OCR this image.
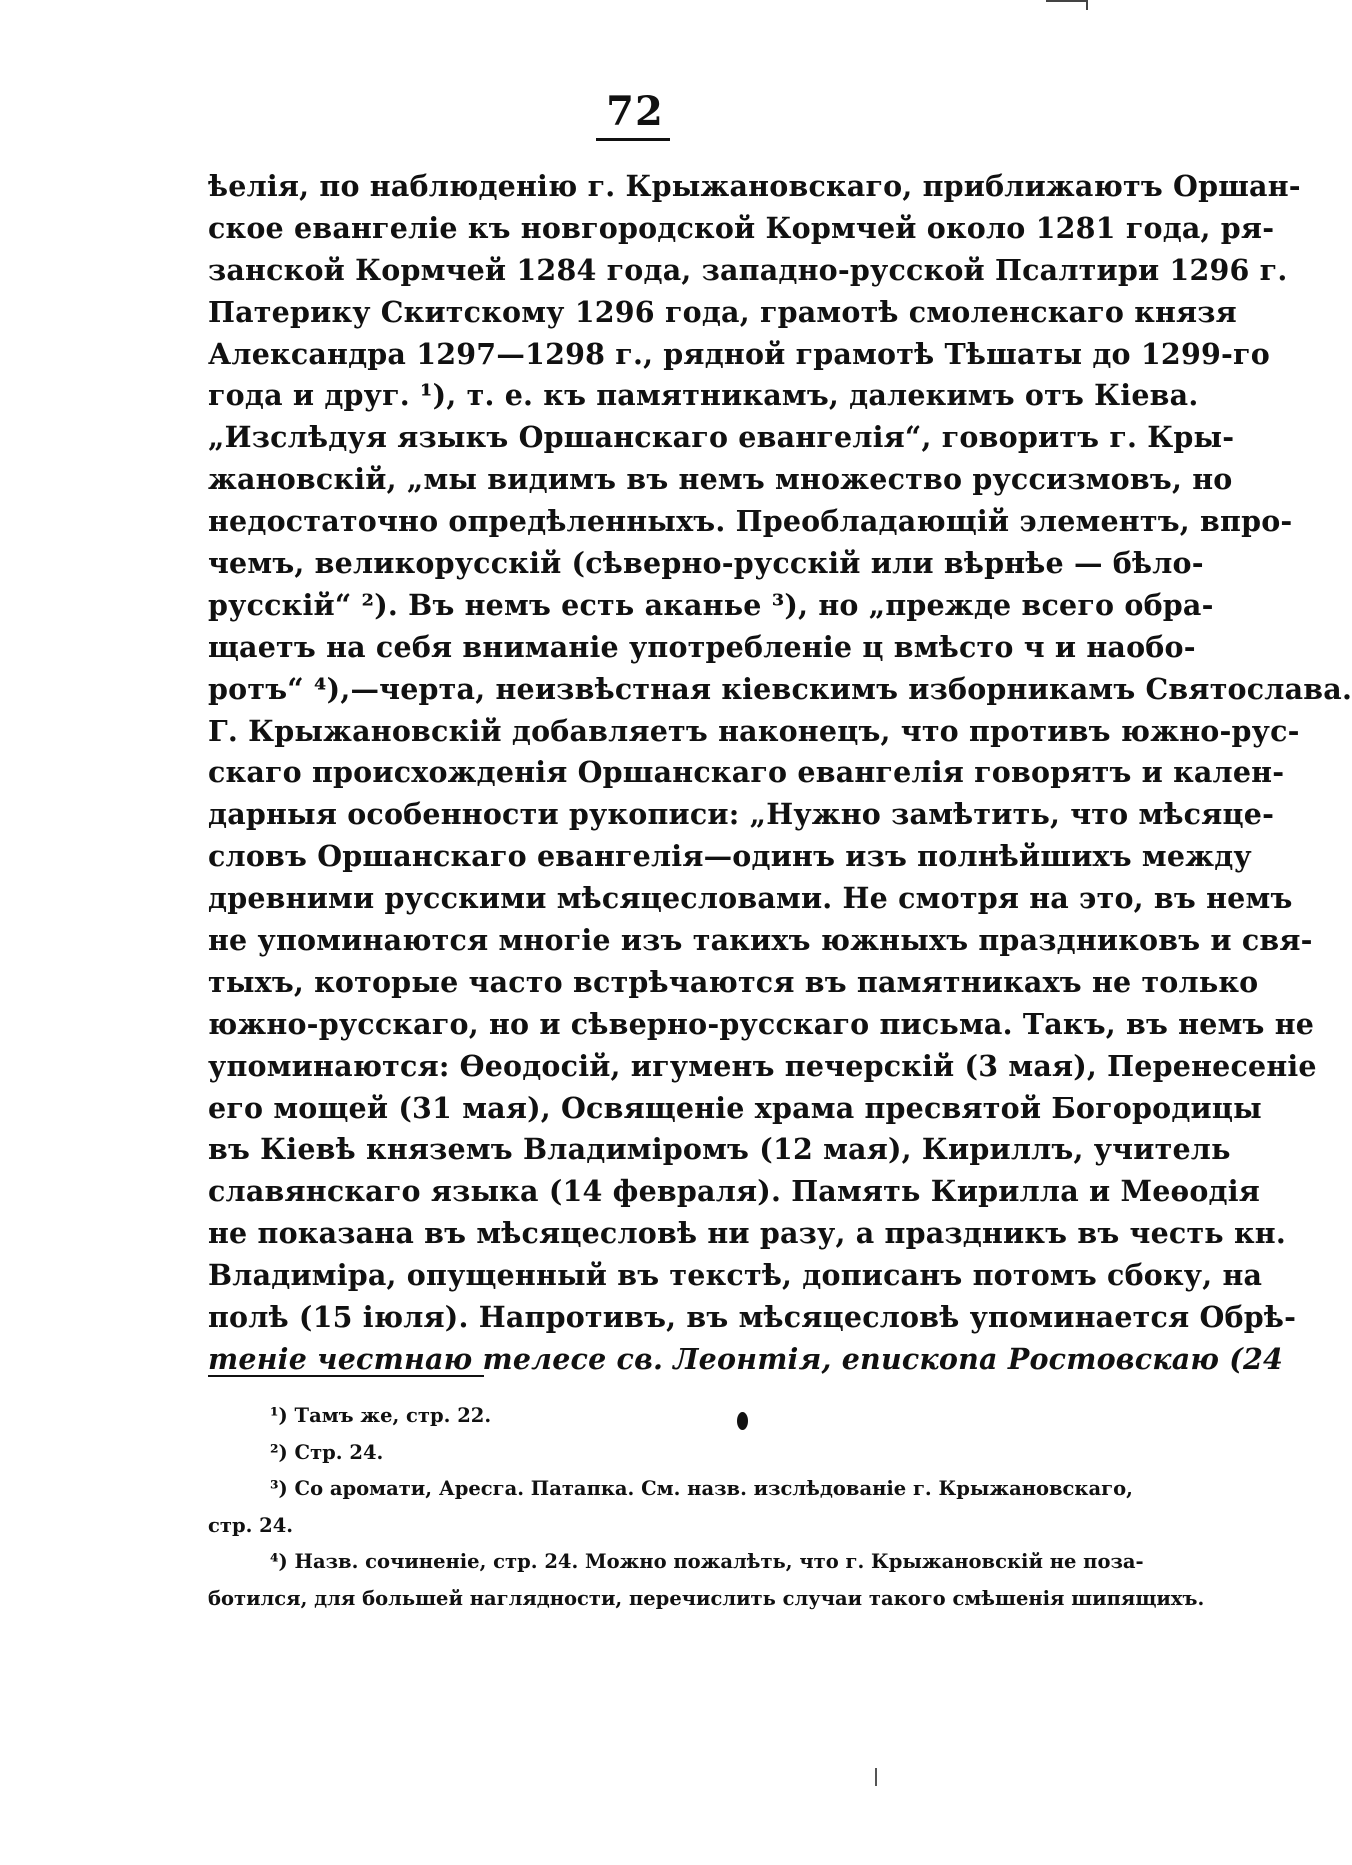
72
ѣелія, по наблюденію г. Крыжановскаго, приближаютъ Оршан-
ское евангеліе къ новгородской Кормчей около 1281 года, ря-
занской Кормчей 1284 года, западно-русской Псалтири 1296 г.
Патерику Скитскому 1296 года, грамотѣ смоленскаго князя
Александра 1297—1298 г., рядной грамотѣ Тѣшаты до 1299-го
года и друг. ¹), т. е. къ памятникамъ, далекимъ отъ Кіева.
„Изслѣдуя языкъ Оршанскаго евангелія“, говоритъ г. Кры-
жановскій, „мы видимъ въ немъ множество руссизмовъ, но
недостаточно опредѣленныхъ. Преобладающій элементъ, впро-
чемъ, великорусскій (сѣверно-русскій или вѣрнѣе — бѣло-
русскій“ ²). Въ немъ есть аканье ³), но „прежде всего обра-
щаетъ на себя вниманіе употребленіе ц вмѣсто ч и наобо-
ротъ“ ⁴),—черта, неизвѣстная кіевскимъ изборникамъ Святослава.
Г. Крыжановскій добавляетъ наконецъ, что противъ южно-рус-
скаго происхожденія Оршанскаго евангелія говорятъ и кален-
дарныя особенности рукописи: „Нужно замѣтить, что мѣсяце-
словъ Оршанскаго евангелія—одинъ изъ полнѣйшихъ между
древними русскими мѣсяцесловами. Не смотря на это, въ немъ
не упоминаются многіе изъ такихъ южныхъ праздниковъ и свя-
тыхъ, которые часто встрѣчаются въ памятникахъ не только
южно-русскаго, но и сѣверно-русскаго письма. Такъ, въ немъ не
упоминаются: Ѳеодосій, игуменъ печерскій (3 мая), Перенесеніе
его мощей (31 мая), Освященіе храма пресвятой Богородицы
въ Кіевѣ княземъ Владиміромъ (12 мая), Кириллъ, учитель
славянскаго языка (14 февраля). Память Кирилла и Меѳодія
не показана въ мѣсяцесловѣ ни разу, а праздникъ въ честь кн.
Владиміра, опущенный въ текстѣ, дописанъ потомъ сбоку, на
полѣ (15 іюля). Напротивъ, въ мѣсяцесловѣ упоминается Обрѣ-
теніе честнаю телесе св. Леонтія, епископа Ростовскаю (24
¹) Тамъ же, стр. 22.
²) Стр. 24.
³) Со аромати, Аресга. Патапка. См. назв. изслѣдованіе г. Крыжановскаго,
стр. 24.
⁴) Назв. сочиненіе, стр. 24. Можно пожалѣть, что г. Крыжановскій не поза-
ботился, для большей наглядности, перечислить случаи такого смѣшенія шипящихъ.
